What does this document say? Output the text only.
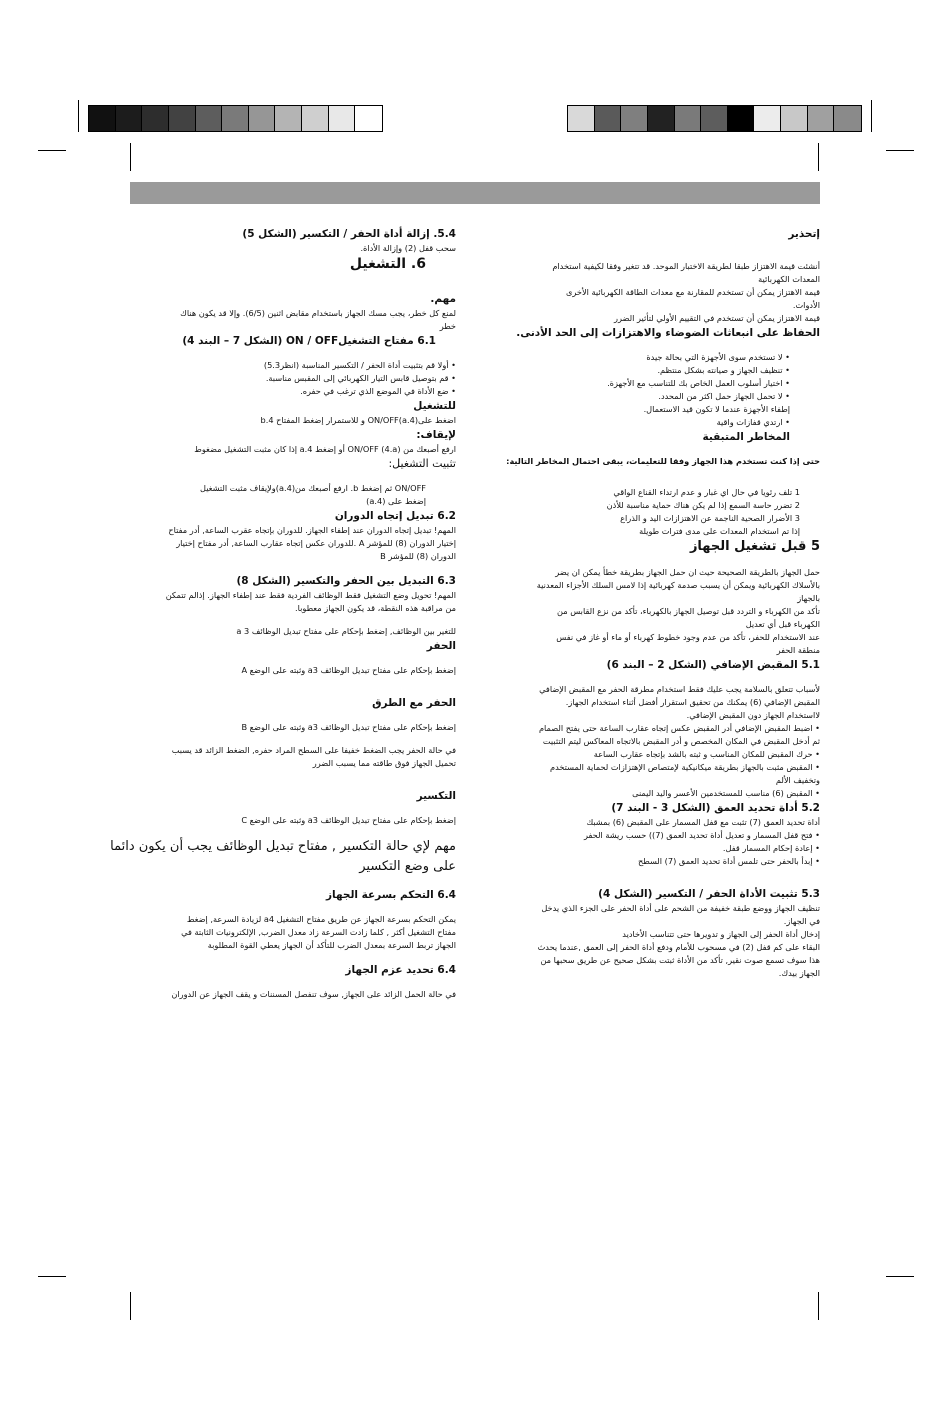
إتحذير
أنشئت قيمة الاهتزاز طبقا لطريقة الاختبار الموحد. قد تتغير وفقا لكيفية استخدام
المعدات الكهربائية
قيمة الاهتزاز يمكن أن تستخدم للمقارنة مع معدات الطاقة الكهربائية الأخرى
الأدوات.
قيمة الاهتزاز يمكن أن تستخدم في التقييم الأولي لتأثير الضرر
الحفاظ على انبعاثات الضوضاء والاهتزازات إلى الحد الأدنى.
• لا تستخدم سوى الأجهزة التي بحالة جيدة
• تنظيف الجهاز و صيانته بشكل منتظم.
• اختيار أسلوب العمل الخاص بك للتناسب مع الأجهزة.
• لا تحمل الجهاز حمل اكثر من المحدد.
إطفاء الأجهزة عندما لا تكون قيد الاستعمال.
• ارتدي قفازات واقية
المخاطر المتبقية
حتى إذا كنت تستخدم هذا الجهاز وفقا للتعليمات، يبقى احتمال المخاطر التالية:
1 تلف رئويا في حال اي غبار و عدم ارتداء القناع الواقي
2 تضرر حاسة السمع إذا لم يكن هناك حماية مناسبة للأذن
3 الأضرار الصحية الناجمة عن الاهتزازات اليد و الذراع
إذا تم استخدام المعدات على مدى فترات طويلة
5 قبل تشغيل الجهاز
حمل الجهاز بالطريقة الصحيحة حيث ان حمل الجهاز بطريقة خطأ يمكن ان يضر
بالأسلاك الكهربائية ويمكن أن يسبب صدمة كهربائية إذا لامس السلك الأجزاء المعدنية
بالجهاز
تأكد من الكهرباء و التردد قبل توصيل الجهاز بالكهرباء، تأكد من نزع القابس من
الكهرباء قبل أي تعديل
عند الاستخدام للحفر، تأكد من عدم وجود خطوط كهرباء أو ماء أو غاز في نفس
منطقة الحفر
5.1 المقبض الإضافي (الشكل 2 – البند 6)
لأسباب تتعلق بالسلامة يجب عليك فقط استخدام مطرقة الحفر مع المقبض الإضافي
المقبض الإضافي (6) يمكنك من تحقيق استقرار أفضل أثناء استخدام الجهاز.
لااستخدام الجهاز دون المقبض الإضافي.
• اضبط المقبض الإضافي أدر المقبض عكس إتجاه عقارب الساعة حتى يفتح الصمام
ثم أدخل المقبض في المكان المخصص و أدر المقبض بالاتجاه المعاكس ليتم التثبيت
• حرك المقبض للمكان المناسب و ثبته بالشد بإتجاه عقارب الساعة
• المقبض مثبت بالجهاز بطريقة ميكانيكية لإمتصاص الإهتزازات لحماية المستخدم
وتخفيف الألم
• المقبض (6) مناسب للمستخدمين الأعسر واليد اليمنى
5.2 أداة تحديد العمق (الشكل 3 - البند 7)
أداة تحديد العمق (7) تثبت مع قفل المسمار على المقبض (6) بمشبك
• فتح قفل المسمار و تعديل أداة تحديد العمق (7)) حسب ريشة الحفر
• إعادة إحكام المسمار قفل.
• إبدأ بالحفر حتى تلمس أداة تحديد العمق (7) السطح
5.3 تثبيت الأداة الحفر / التكسير (الشكل 4)
تنظيف الجهاز ووضع طبقة خفيفة من الشحم على أداة الحفر على الجزء الذي يدخل
في الجهاز.
إدخال أداة الحفر إلى الجهاز و تدويرها حتى تتناسب الأخاديد
البقاء على كم قفل (2) في مسحوب للأمام ودفع أداة الحفر إلى العمق ,عندما يحدث
هذا سوف تسمع صوت نقير, تأكد من الأداة ثبتت بشكل صحيح عن طريق سحبها من
الجهاز بيدك.
5.4. إزالة أداة الحفر / التكسير (الشكل 5)
سحب قفل (2) وإزالة الأداة.
6. التشغيل
مهم.
لمنع كل خطر، يجب مسك الجهاز باستخدام مقابض اثنين (6/5). وإلا قد يكون هناك
خطر
6.1 مفتاح التشغيلON / OFF (الشكل 7 – البند 4)
• أولا قم بتثبيت أداة الحفر / التكسير المناسبة (انظر5.3)
• قم بتوصيل قابس التيار الكهربائي إلى المقبس مناسبة.
• ضع الأداة في الموضع الذي ترغب في حفره.
للتشغيل
اضغط على(4.a)ON/OFF و للاستمرار إضغط المفتاح 4.b
لإيقاف:
ارفع أصبعك من ON/OFF (4.a) أو إضغط 4.a إذا كان مثبت التشغيل مضغوط
تثبيت التشغيل:
ON/OFF ثم إضغط b. ارفع أصبعك من(4.a)ولإيقاف مثبت التشغيل
إضغط على (4.a)
6.2 تبديل إتجاه الدوران
المهم! تبديل إتجاه الدوران عند إطفاء الجهاز. للدوران بإتجاه عقرب الساعة, أدر مفتاح
إختيار الدوران (8) للمؤشر A .للدوران عكس إتجاه عقارب الساعة, أدر مفتاح إختيار
الدوران (8) للمؤشر B
6.3 التبديل بين الحفر والتكسير (الشكل 8)
المهم! تحويل وضع التشغيل فقط الوظائف الفردية فقط عند إطفاء الجهاز. إذالم تتمكن
من مراقبة هذه النقطة، قد يكون الجهاز معطوبا.
للتغير بين الوظائف, إضغط بإحكام على مفتاح تبديل الوظائف 3 a
الحفر
إضغط بإحكام على مفتاح تبديل الوظائف a3 وثبته على الوضع A
الحفر مع الطرق
إضغط بإحكام على مفتاح تبديل الوظائف a3 وثبته على الوضع B
في حالة الحفر يجب الضغط خفيفا على السطح المراد حفره, الضغط الزائد قد يسبب
تحميل الجهاز فوق طاقته مما يسبب الضرر
التكسير
إضغط بإحكام على مفتاح تبديل الوظائف a3 وثبته على الوضع C
مهم لإي حالة التكسير , مفتاح تبديل الوظائف يجب أن يكون دائما
على وضع التكسير
6.4 التحكم بسرعة الجهاز
يمكن التحكم بسرعة الجهاز عن طريق مفتاح التشغيل a4 لزيادة السرعة, إضغط
مفتاح التشغيل أكثر , كلما زادت السرعة زاد معدل الضرب, الإلكترونيات الثابتة في
الجهاز تربط السرعة بمعدل الضرب للتأكد أن الجهاز يعطي القوة المطلوبة
6.4 تحديد عزم الجهاز
في حالة الحمل الزائد على الجهاز, سوف تنفصل المسننات و يقف الجهاز عن الدوران
